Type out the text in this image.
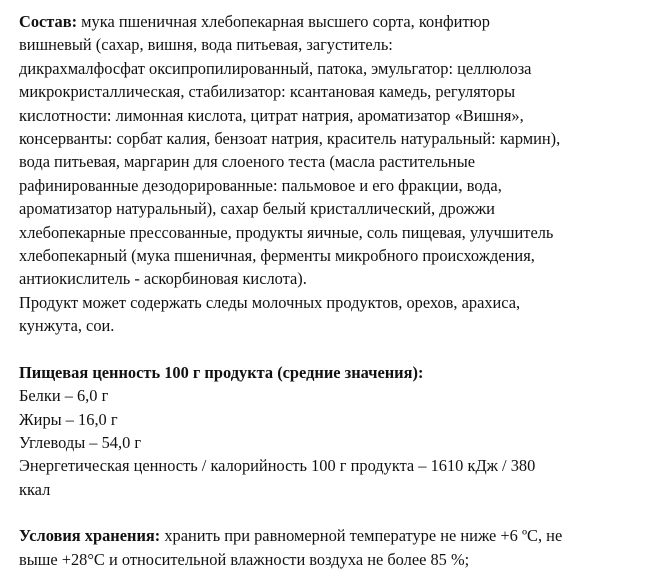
Состав: мука пшеничная хлебопекарная высшего сорта, конфитюр
вишневый (сахар, вишня, вода питьевая, загуститель:
дикрахмалфосфат оксипропилированный, патока, эмульгатор: целлюлоза
микрокристаллическая, стабилизатор: ксантановая камедь, регуляторы
кислотности: лимонная кислота, цитрат натрия, ароматизатор «Вишня»,
консерванты: сорбат калия, бензоат натрия, краситель натуральный: кармин),
вода питьевая, маргарин для слоеного теста (масла растительные
рафинированные дезодорированные: пальмовое и его фракции, вода,
ароматизатор натуральный), сахар белый кристаллический, дрожжи
хлебопекарные прессованные, продукты яичные, соль пищевая, улучшитель
хлебопекарный (мука пшеничная, ферменты микробного происхождения,
антиокислитель - аскорбиновая кислота).
Продукт может содержать следы молочных продуктов, орехов, арахиса,
кунжута, сои.
Пищевая ценность 100 г продукта (средние значения):
Белки – 6,0 г
Жиры – 16,0 г
Углеводы – 54,0 г
Энергетическая ценность / калорийность 100 г продукта – 1610 кДж / 380
ккал
Условия хранения: хранить при равномерной температуре не ниже +6 ºС, не
выше +28°С и относительной влажности воздуха не более 85 %;
